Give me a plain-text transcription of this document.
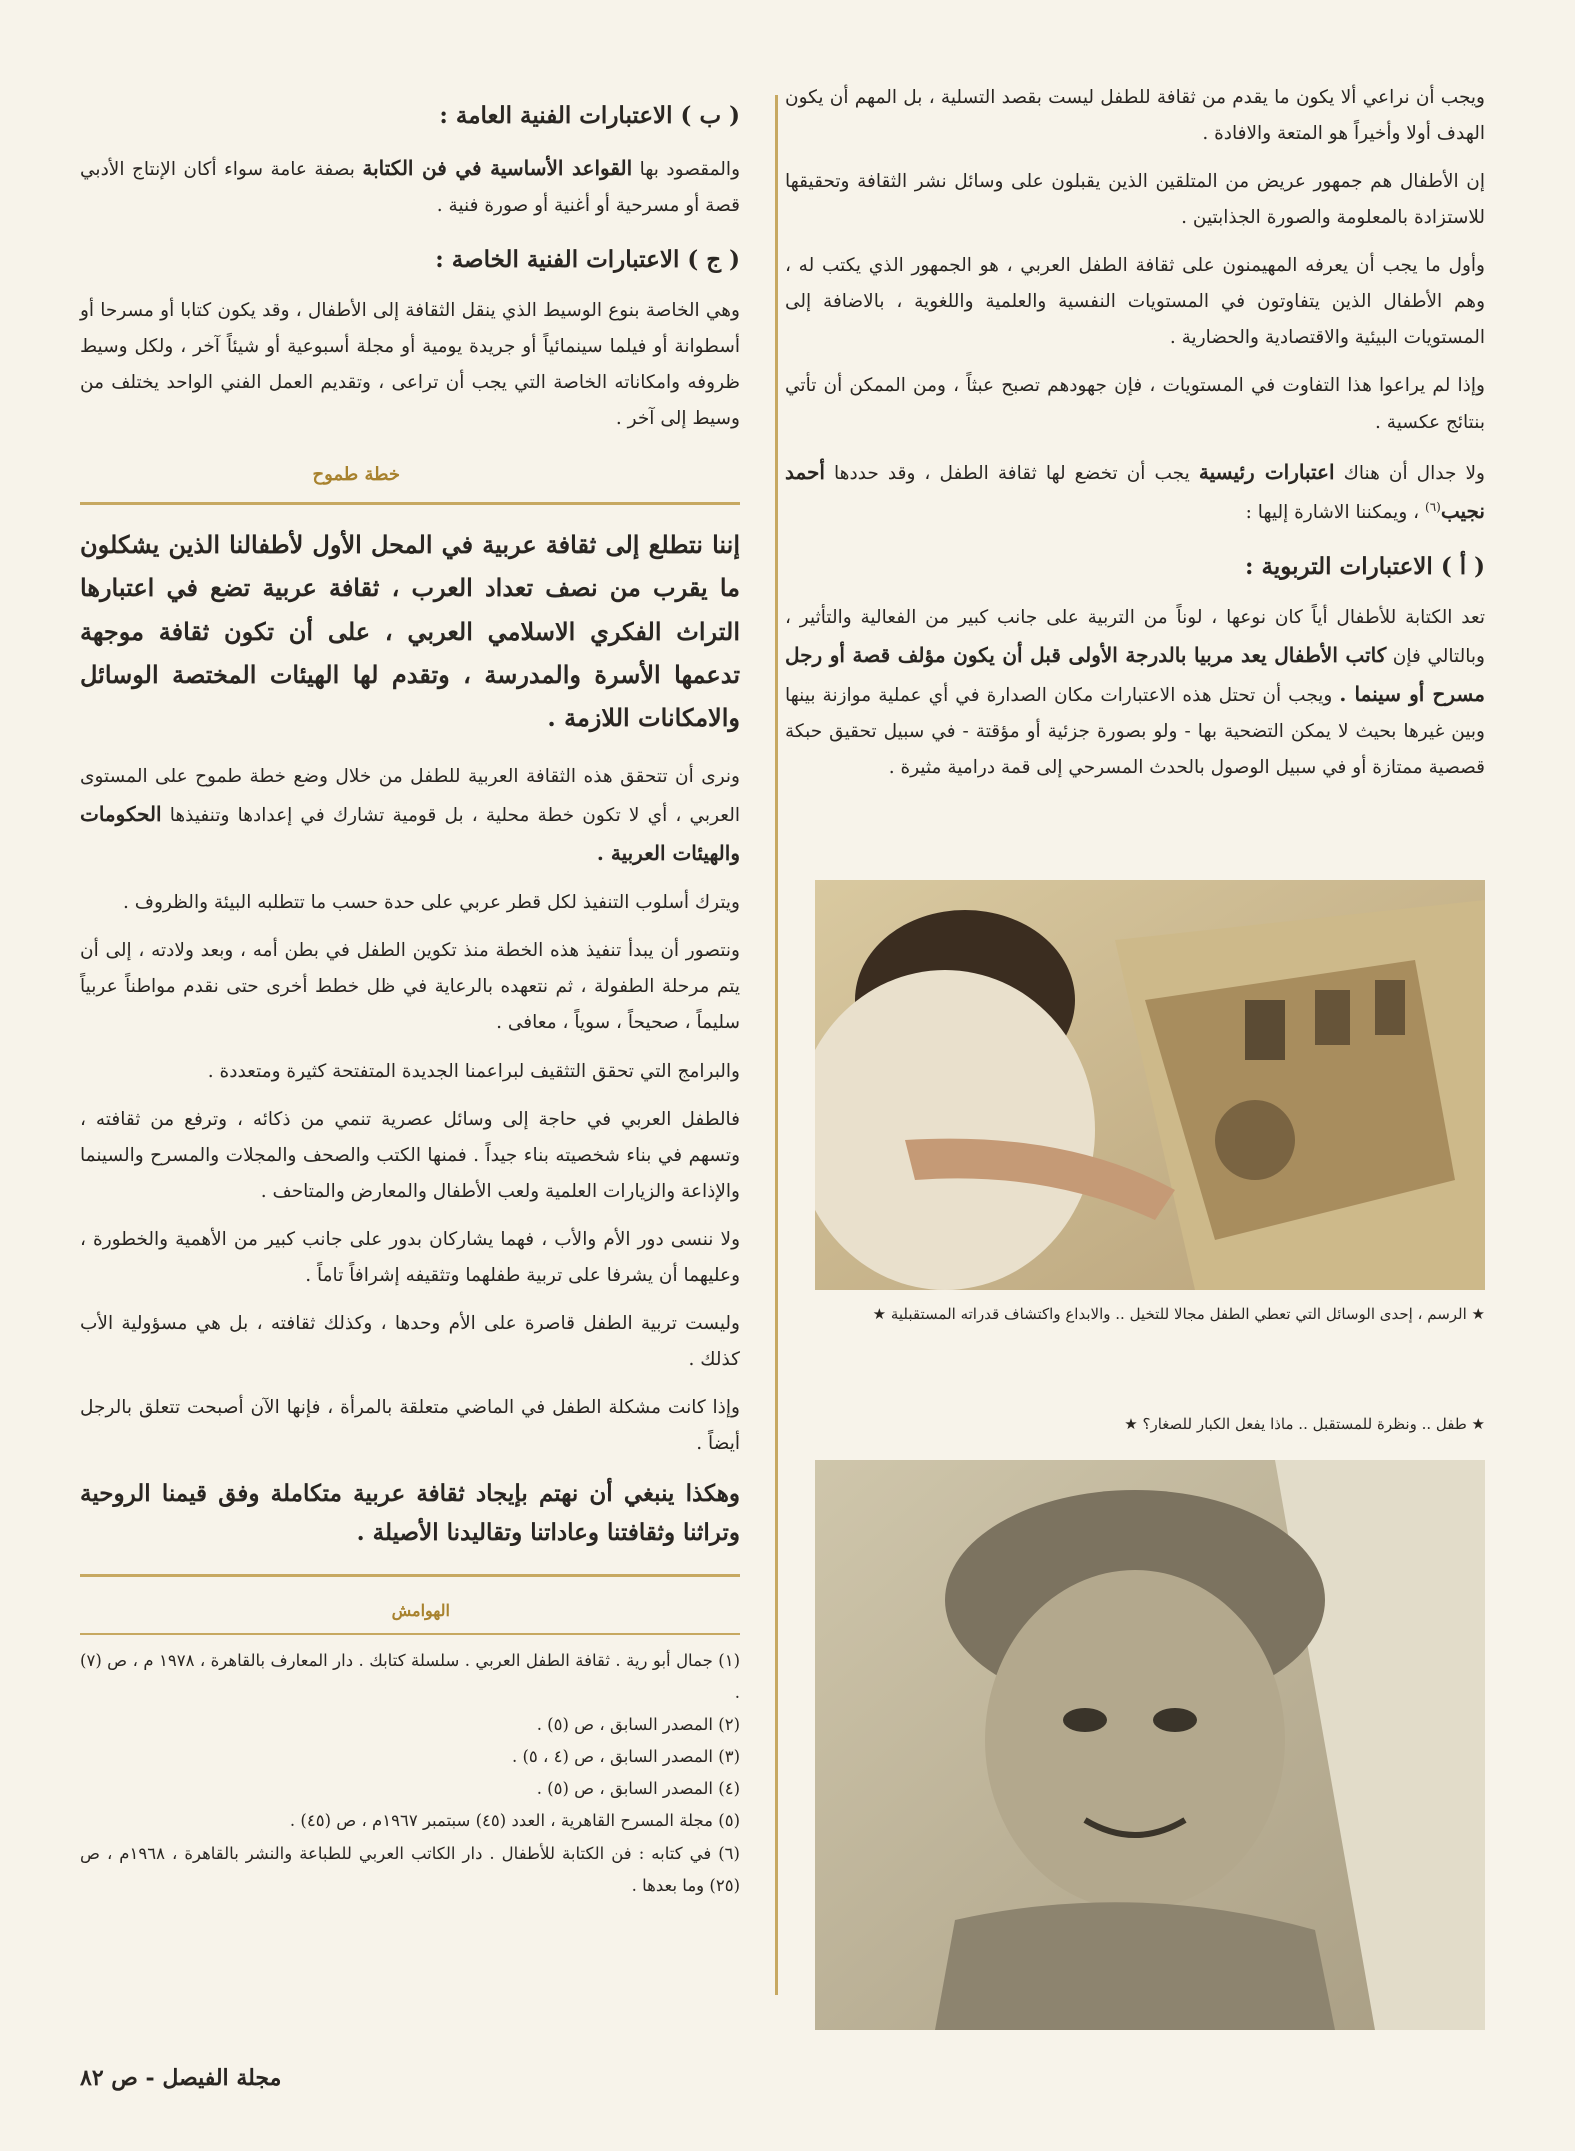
ويجب أن نراعي ألا يكون ما يقدم من ثقافة للطفل ليست بقصد التسلية ، بل المهم أن يكون الهدف أولا وأخيراً هو المتعة والافادة .

إن الأطفال هم جمهور عريض من المتلقين الذين يقبلون على وسائل نشر الثقافة وتحقيقها للاستزادة بالمعلومة والصورة الجذابتين .

وأول ما يجب أن يعرفه المهيمنون على ثقافة الطفل العربي ، هو الجمهور الذي يكتب له ، وهم الأطفال الذين يتفاوتون في المستويات النفسية والعلمية واللغوية ، بالاضافة إلى المستويات البيئية والاقتصادية والحضارية .

وإذا لم يراعوا هذا التفاوت في المستويات ، فإن جهودهم تصبح عبثاً ، ومن الممكن أن تأتي بنتائج عكسية .

ولا جدال أن هناك اعتبارات رئيسية يجب أن تخضع لها ثقافة الطفل ، وقد حددها أحمد نجيب$^{(٦)}$ ، ويمكننا الاشارة إليها :

( أ ) الاعتبارات التربوية :

تعد الكتابة للأطفال أياً كان نوعها ، لوناً من التربية على جانب كبير من الفعالية والتأثير ، وبالتالي فإن كاتب الأطفال يعد مربيا بالدرجة الأولى قبل أن يكون مؤلف قصة أو رجل مسرح أو سينما . ويجب أن تحتل هذه الاعتبارات مكان الصدارة في أي عملية موازنة بينها وبين غيرها بحيث لا يمكن التضحية بها - ولو بصورة جزئية أو مؤقتة - في سبيل تحقيق حبكة قصصية ممتازة أو في سبيل الوصول بالحدث المسرحي إلى قمة درامية مثيرة .

★ الرسم ، إحدى الوسائل التي تعطي الطفل مجالا للتخيل .. والابداع واكتشاف قدراته المستقبلية ★
★ طفل .. ونظرة للمستقبل .. ماذا يفعل الكبار للصغار؟ ★
( ب ) الاعتبارات الفنية العامة :

والمقصود بها القواعد الأساسية في فن الكتابة بصفة عامة سواء أكان الإنتاج الأدبي قصة أو مسرحية أو أغنية أو صورة فنية .

( ج ) الاعتبارات الفنية الخاصة :

وهي الخاصة بنوع الوسيط الذي ينقل الثقافة إلى الأطفال ، وقد يكون كتابا أو مسرحا أو أسطوانة أو فيلما سينمائياً أو جريدة يومية أو مجلة أسبوعية أو شيئاً آخر ، ولكل وسيط ظروفه وامكاناته الخاصة التي يجب أن تراعى ، وتقديم العمل الفني الواحد يختلف من وسيط إلى آخر .

خطة طموح

إننا نتطلع إلى ثقافة عربية في المحل الأول لأطفالنا الذين يشكلون ما يقرب من نصف تعداد العرب ، ثقافة عربية تضع في اعتبارها التراث الفكري الاسلامي العربي ، على أن تكون ثقافة موجهة تدعمها الأسرة والمدرسة ، وتقدم لها الهيئات المختصة الوسائل والامكانات اللازمة .

ونرى أن تتحقق هذه الثقافة العربية للطفل من خلال وضع خطة طموح على المستوى العربي ، أي لا تكون خطة محلية ، بل قومية تشارك في إعدادها وتنفيذها الحكومات والهيئات العربية .

ويترك أسلوب التنفيذ لكل قطر عربي على حدة حسب ما تتطلبه البيئة والظروف .

ونتصور أن يبدأ تنفيذ هذه الخطة منذ تكوين الطفل في بطن أمه ، وبعد ولادته ، إلى أن يتم مرحلة الطفولة ، ثم نتعهده بالرعاية في ظل خطط أخرى حتى نقدم مواطناً عربياً سليماً ، صحيحاً ، سوياً ، معافى .

والبرامج التي تحقق التثقيف لبراعمنا الجديدة المتفتحة كثيرة ومتعددة .

فالطفل العربي في حاجة إلى وسائل عصرية تنمي من ذكائه ، وترفع من ثقافته ، وتسهم في بناء شخصيته بناء جيداً . فمنها الكتب والصحف والمجلات والمسرح والسينما والإذاعة والزيارات العلمية ولعب الأطفال والمعارض والمتاحف .

ولا ننسى دور الأم والأب ، فهما يشاركان بدور على جانب كبير من الأهمية والخطورة ، وعليهما أن يشرفا على تربية طفلهما وتثقيفه إشرافاً تاماً .

وليست تربية الطفل قاصرة على الأم وحدها ، وكذلك ثقافته ، بل هي مسؤولية الأب كذلك .

وإذا كانت مشكلة الطفل في الماضي متعلقة بالمرأة ، فإنها الآن أصبحت تتعلق بالرجل أيضاً .

وهكذا ينبغي أن نهتم بإيجاد ثقافة عربية متكاملة وفق قيمنا الروحية وتراثنا وثقافتنا وعاداتنا وتقاليدنا الأصيلة .

الهوامش
(١) جمال أبو رية . ثقافة الطفل العربي . سلسلة كتابك . دار المعارف بالقاهرة ، ١٩٧٨ م ، ص (٧) .
(٢) المصدر السابق ، ص (٥) .
(٣) المصدر السابق ، ص (٤ ، ٥) .
(٤) المصدر السابق ، ص (٥) .
(٥) مجلة المسرح القاهرية ، العدد (٤٥) سبتمبر ١٩٦٧م ، ص (٤٥) .
(٦) في كتابه : فن الكتابة للأطفال . دار الكاتب العربي للطباعة والنشر بالقاهرة ، ١٩٦٨م ، ص (٢٥) وما بعدها .
مجلة الفيصل - ص ٨٢
